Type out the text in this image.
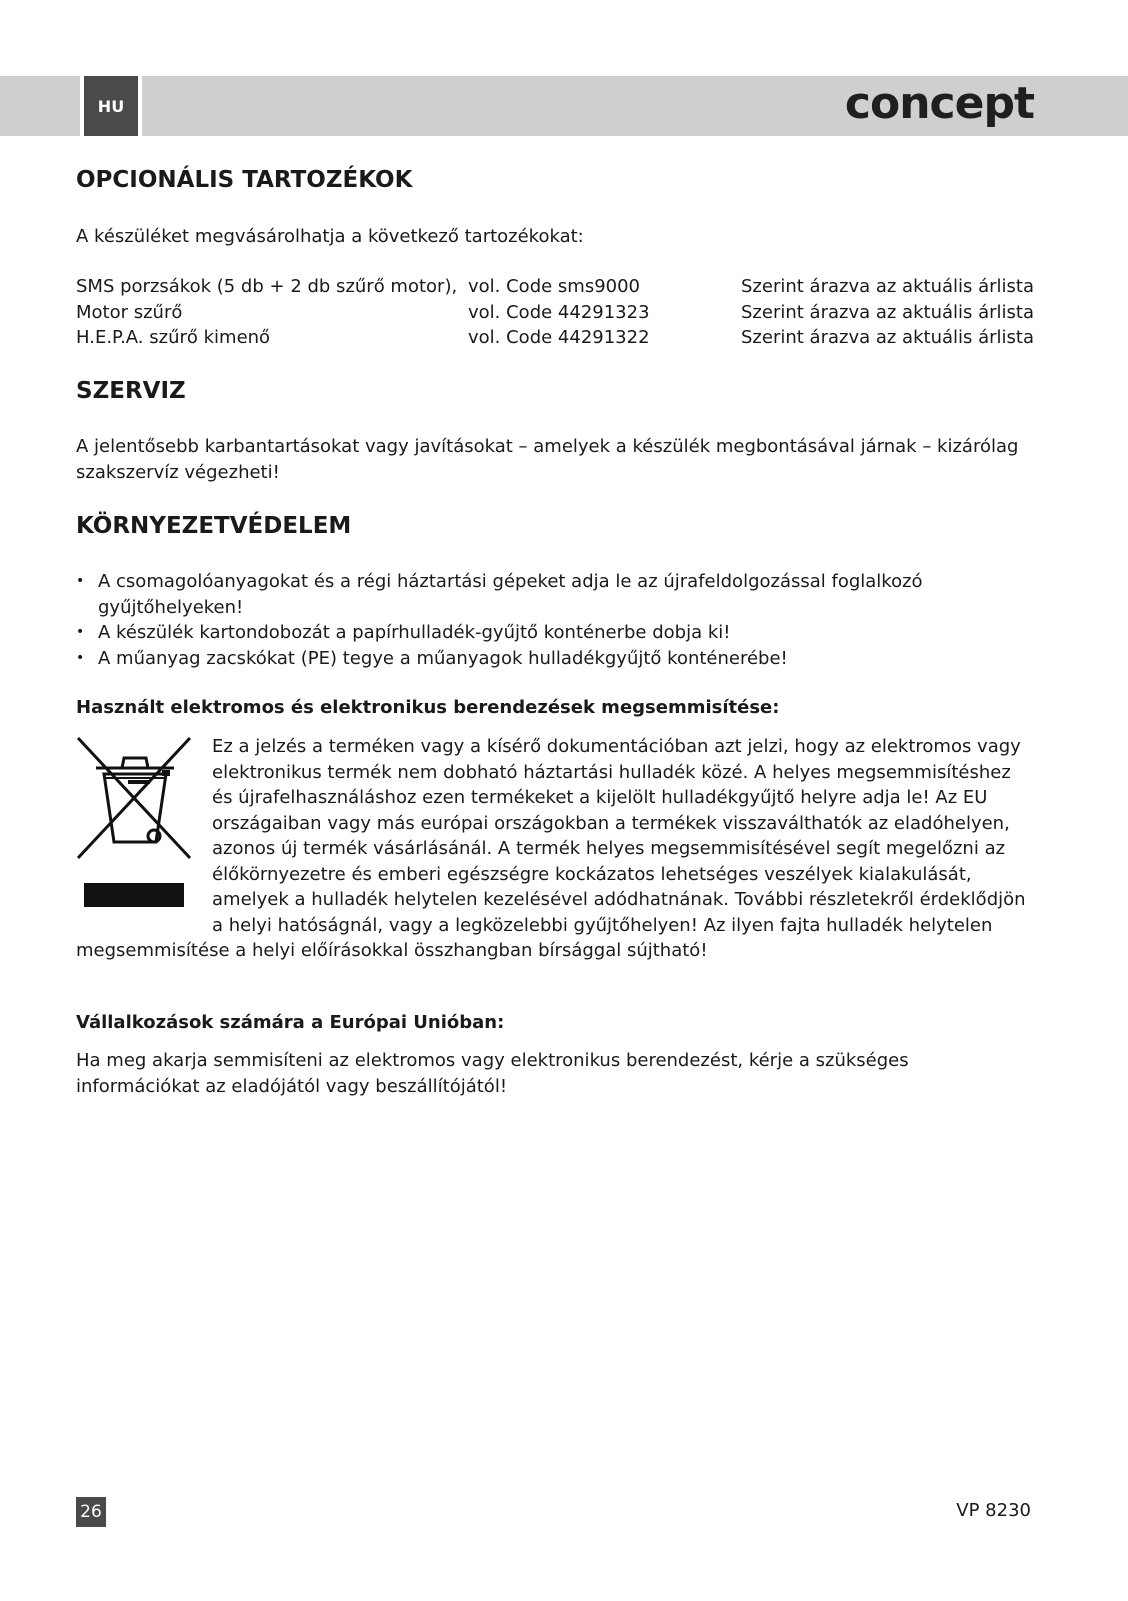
HU	concept
OPCIONÁLIS TARTOZÉKOK

A készüléket megvásárolhatja a következő tartozékokat:

SMS porzsákok (5 db + 2 db szűrő motor), vol. Code sms9000	Szerint árazva az aktuális árlista
Motor szűrő	vol. Code 44291323	Szerint árazva az aktuális árlista
H.E.P.A. szűrő kimenő	vol. Code 44291322	Szerint árazva az aktuális árlista
SZERVIZ

A jelentősebb karbantartásokat vagy javításokat – amelyek a készülék megbontásával járnak – kizárólag szakszervíz végezheti!

KÖRNYEZETVÉDELEM
• A csomagolóanyagokat és a régi háztartási gépeket adja le az újrafeldolgozással foglalkozó gyűjtőhelyeken!
• A készülék kartondobozát a papírhulladék-gyűjtő konténerbe dobja ki!
• A műanyag zacskókat (PE) tegye a műanyagok hulladékgyűjtő konténerébe!

Használt elektromos és elektronikus berendezések megsemmisítése:

Ez a jelzés a terméken vagy a kísérő dokumentációban azt jelzi, hogy az elektromos vagy elektronikus termék nem dobható háztartási hulladék közé. A helyes megsemmisítéshez és újrafelhasználáshoz ezen termékeket a kijelölt hulladékgyűjtő helyre adja le! Az EU országaiban vagy más európai országokban a termékek visszaválthatók az eladóhelyen, azonos új termék vásárlásánál. A termék helyes megsemmisítésével segít megelőzni az élőkörnyezetre és emberi egészségre kockázatos lehetséges veszélyek kialakulását, amelyek a hulladék helytelen kezelésével adódhatnának. További részletekről érdeklődjön a helyi hatóságnál, vagy a legközelebbi gyűjtőhelyen! Az ilyen fajta hulladék helytelen megsemmisítése a helyi előírásokkal összhangban bírsággal sújtható!

Vállalkozások számára a Európai Unióban:

Ha meg akarja semmisíteni az elektromos vagy elektronikus berendezést, kérje a szükséges információkat az eladójától vagy beszállítójától!

26	VP 8230
